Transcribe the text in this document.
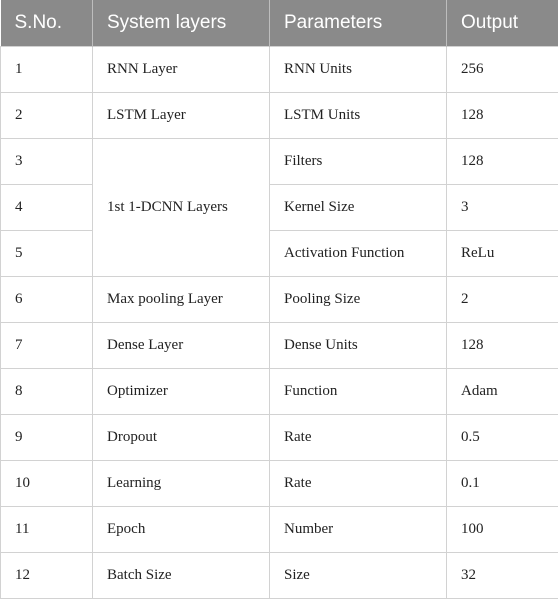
S.No.	System layers	Parameters	Output
1	RNN Layer	RNN Units	256
2	LSTM Layer	LSTM Units	128
3	1st 1-DCNN Layers	Filters	128
4		Kernel Size	3
5		Activation Function	ReLu
6	Max pooling Layer	Pooling Size	2
7	Dense Layer	Dense Units	128
8	Optimizer	Function	Adam
9	Dropout	Rate	0.5
10	Learning	Rate	0.1
11	Epoch	Number	100
12	Batch Size	Size	32
